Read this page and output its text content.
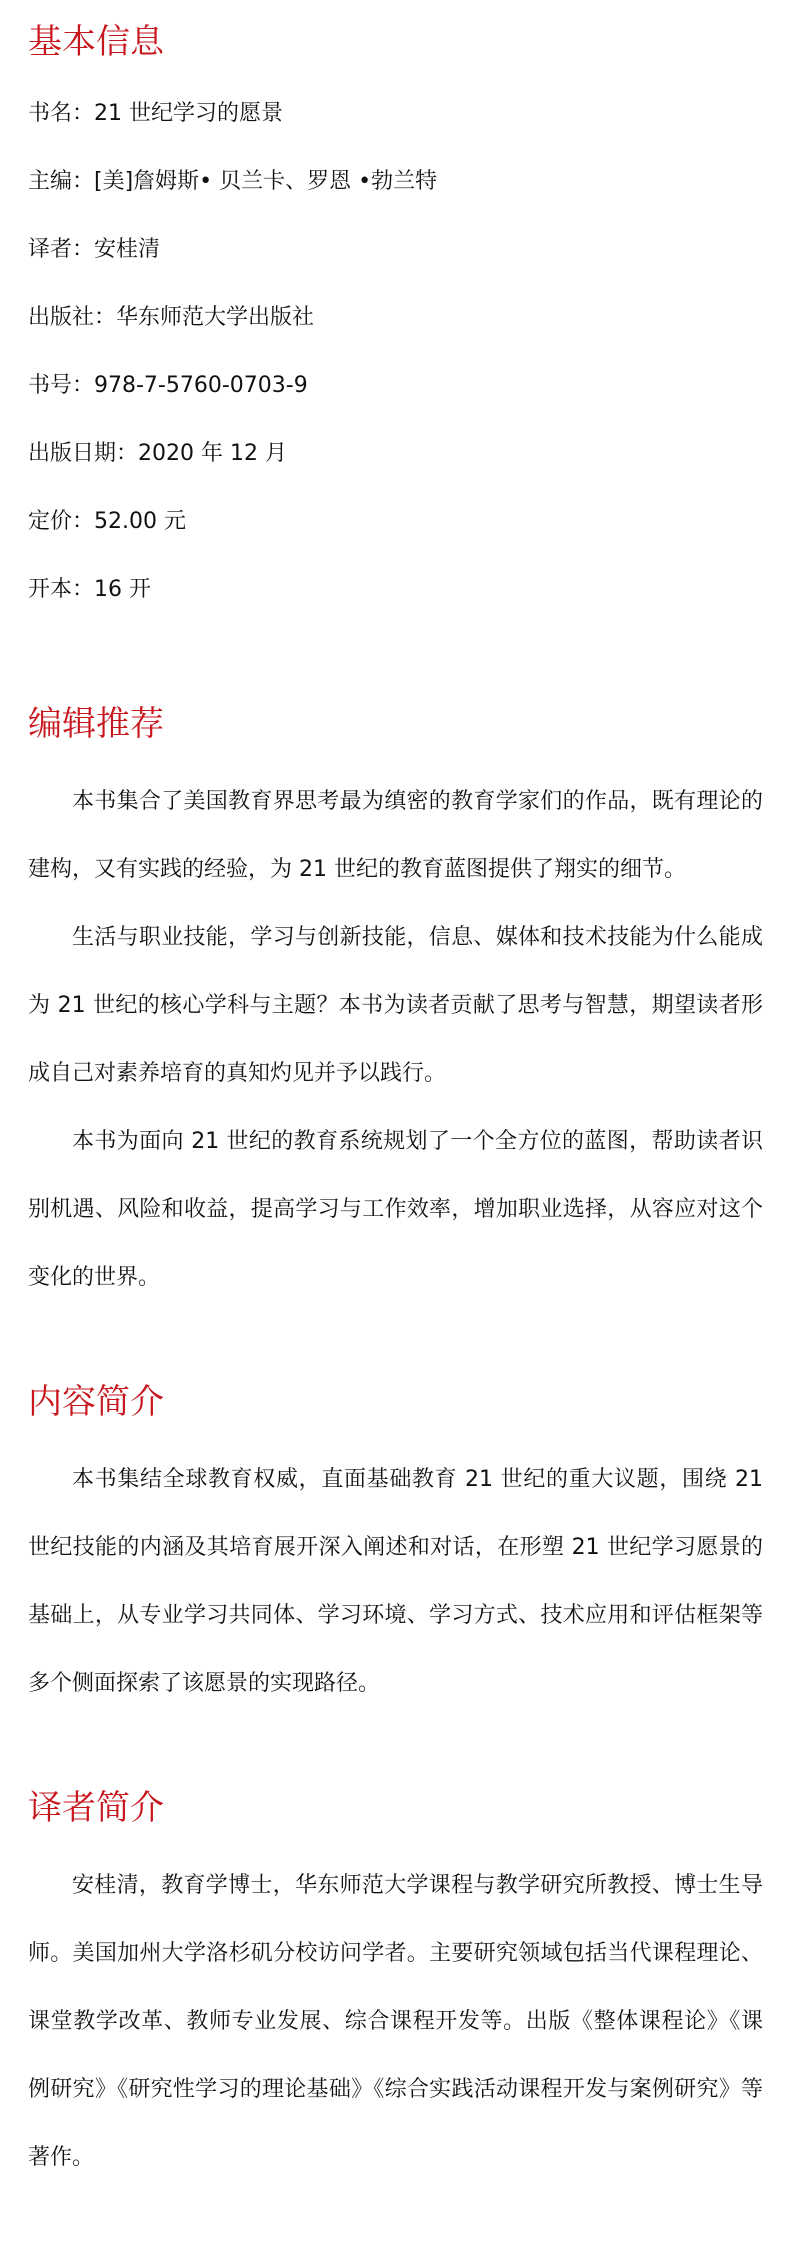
基本信息

书名：21 世纪学习的愿景

主编：[美]詹姆斯• 贝兰卡、罗恩 •勃兰特

译者：安桂清

出版社：华东师范大学出版社

书号：978-7-5760-0703-9

出版日期：2020 年 12 月

定价：52.00 元

开本：16 开

编辑推荐

本书集合了美国教育界思考最为缜密的教育学家们的作品，既有理论的建构，又有实践的经验，为 21 世纪的教育蓝图提供了翔实的细节。

生活与职业技能，学习与创新技能，信息、媒体和技术技能为什么能成为 21 世纪的核心学科与主题？本书为读者贡献了思考与智慧，期望读者形成自己对素养培育的真知灼见并予以践行。

本书为面向 21 世纪的教育系统规划了一个全方位的蓝图，帮助读者识别机遇、风险和收益，提高学习与工作效率，增加职业选择，从容应对这个变化的世界。

内容简介

本书集结全球教育权威，直面基础教育 21 世纪的重大议题，围绕 21 世纪技能的内涵及其培育展开深入阐述和对话，在形塑 21 世纪学习愿景的基础上，从专业学习共同体、学习环境、学习方式、技术应用和评估框架等多个侧面探索了该愿景的实现路径。

译者简介

安桂清，教育学博士，华东师范大学课程与教学研究所教授、博士生导师。美国加州大学洛杉矶分校访问学者。主要研究领域包括当代课程理论、课堂教学改革、教师专业发展、综合课程开发等。出版《整体课程论》《课例研究》《研究性学习的理论基础》《综合实践活动课程开发与案例研究》等著作。
